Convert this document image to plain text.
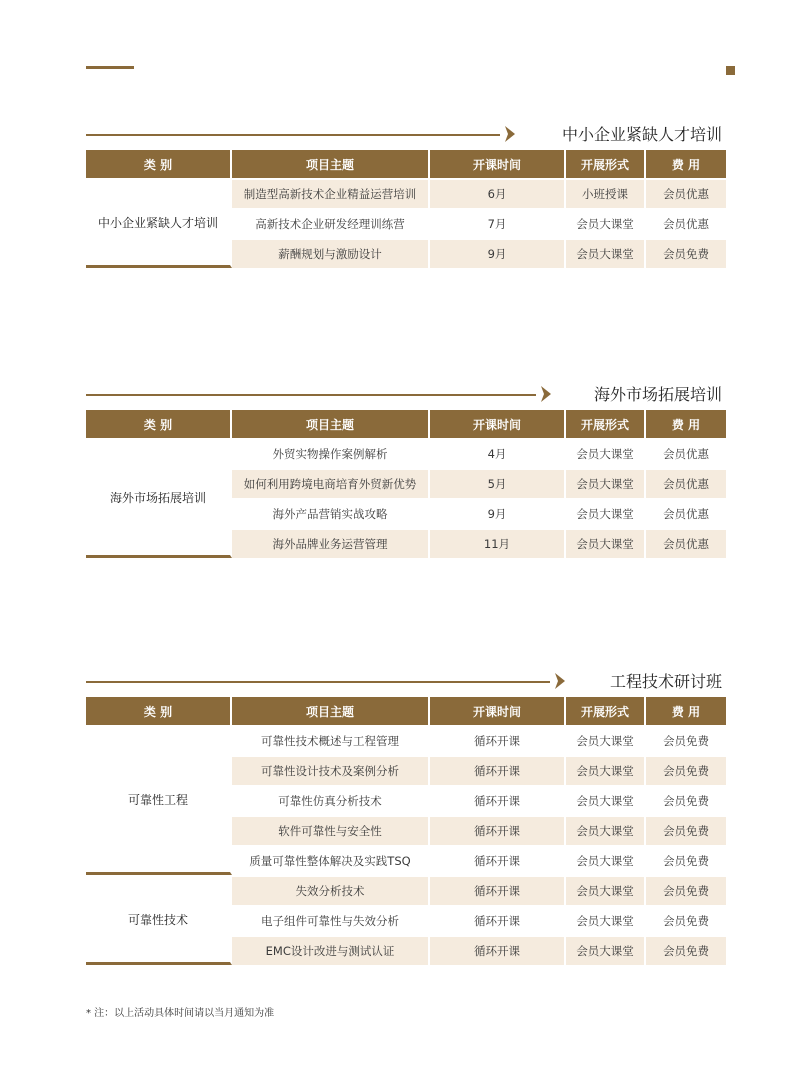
中小企业紧缺人才培训
类 别	项目主题	开课时间	开展形式	费 用
中小企业紧缺人才培训	制造型高新技术企业精益运营培训	6月	小班授课	会员优惠
	高新技术企业研发经理训练营	7月	会员大课堂	会员优惠
	薪酬规划与激励设计	9月	会员大课堂	会员免费
海外市场拓展培训
类 别	项目主题	开课时间	开展形式	费 用
海外市场拓展培训	外贸实物操作案例解析	4月	会员大课堂	会员优惠
	如何利用跨境电商培育外贸新优势	5月	会员大课堂	会员优惠
	海外产品营销实战攻略	9月	会员大课堂	会员优惠
	海外品牌业务运营管理	11月	会员大课堂	会员优惠
工程技术研讨班
类 别	项目主题	开课时间	开展形式	费 用
可靠性工程	可靠性技术概述与工程管理	循环开课	会员大课堂	会员免费
	可靠性设计技术及案例分析	循环开课	会员大课堂	会员免费
	可靠性仿真分析技术	循环开课	会员大课堂	会员免费
	软件可靠性与安全性	循环开课	会员大课堂	会员免费
	质量可靠性整体解决及实践TSQ	循环开课	会员大课堂	会员免费
可靠性技术	失效分析技术	循环开课	会员大课堂	会员免费
	电子组件可靠性与失效分析	循环开课	会员大课堂	会员免费
	EMC设计改进与测试认证	循环开课	会员大课堂	会员免费
* 注：以上活动具体时间请以当月通知为准
